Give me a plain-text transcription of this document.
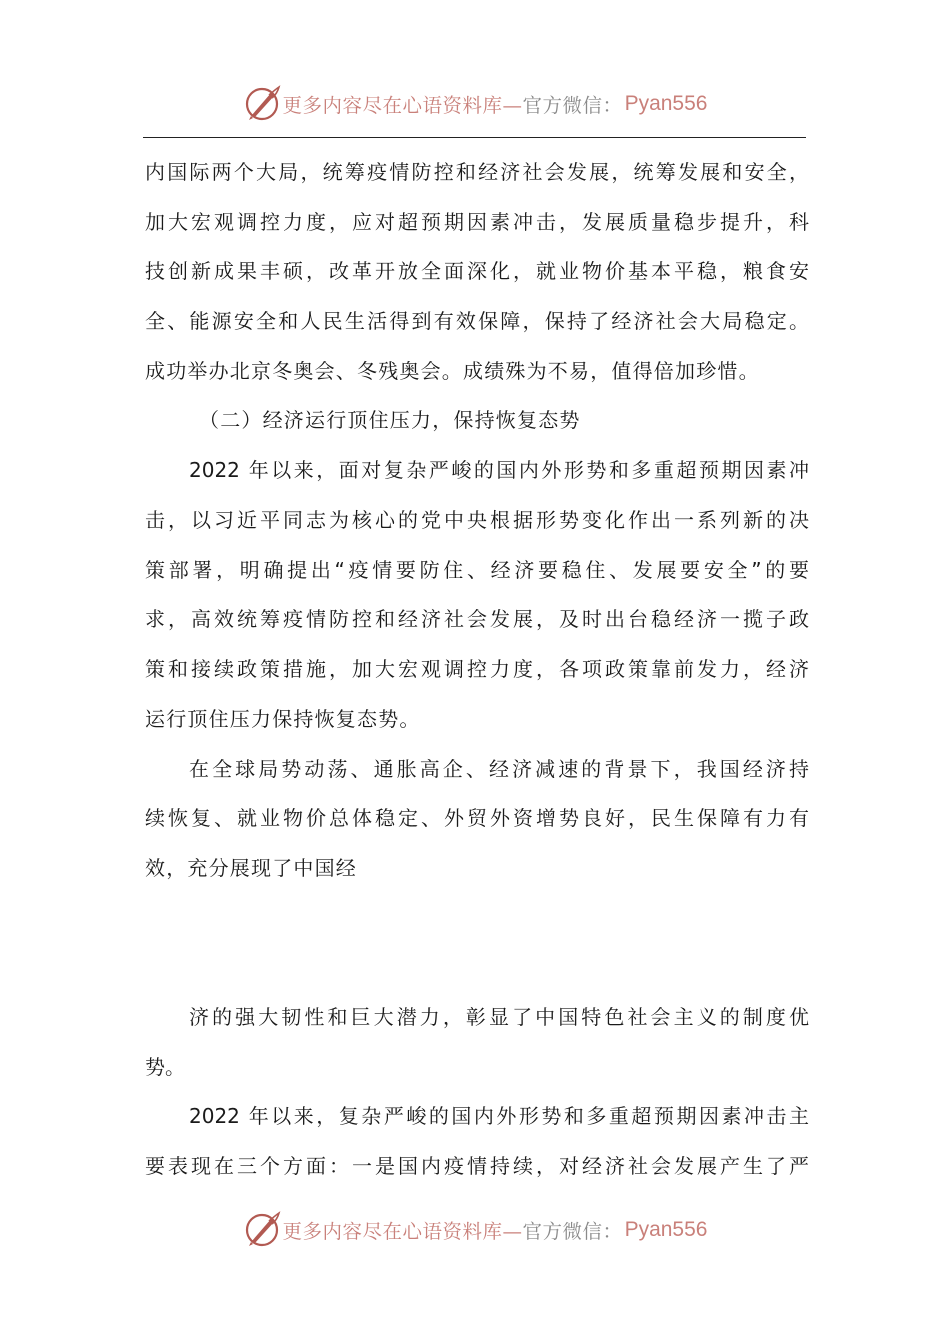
更多内容尽在心语资料库— 官方微信： Pyan556
内国际两个大局，统筹疫情防控和经济社会发展，统筹发展和安全，
加大宏观调控力度，应对超预期因素冲击，发展质量稳步提升，科
技创新成果丰硕，改革开放全面深化，就业物价基本平稳，粮食安
全、能源安全和人民生活得到有效保障，保持了经济社会大局稳定。
成功举办北京冬奥会、冬残奥会。成绩殊为不易，值得倍加珍惜。
（二）经济运行顶住压力，保持恢复态势
2022 年以来，面对复杂严峻的国内外形势和多重超预期因素冲
击，以习近平同志为核心的党中央根据形势变化作出一系列新的决
策部署，明确提出“疫情要防住、经济要稳住、发展要安全”的要
求，高效统筹疫情防控和经济社会发展，及时出台稳经济一揽子政
策和接续政策措施，加大宏观调控力度，各项政策靠前发力，经济
运行顶住压力保持恢复态势。
在全球局势动荡、通胀高企、经济减速的背景下，我国经济持
续恢复、就业物价总体稳定、外贸外资增势良好，民生保障有力有
效，充分展现了中国经
济的强大韧性和巨大潜力，彰显了中国特色社会主义的制度优
势。
2022 年以来，复杂严峻的国内外形势和多重超预期因素冲击主
要表现在三个方面：一是国内疫情持续，对经济社会发展产生了严
更多内容尽在心语资料库— 官方微信： Pyan556
